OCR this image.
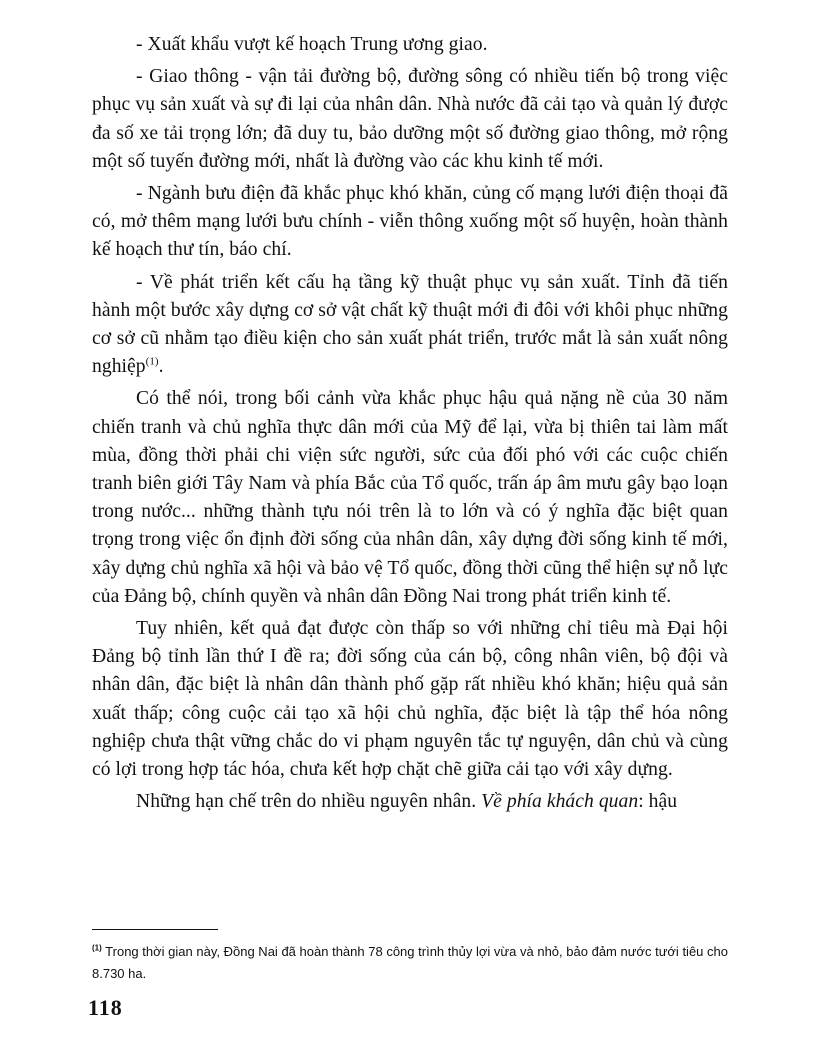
- Xuất khẩu vượt kế hoạch Trung ương giao.

- Giao thông - vận tải đường bộ, đường sông có nhiều tiến bộ trong việc phục vụ sản xuất và sự đi lại của nhân dân. Nhà nước đã cải tạo và quản lý được đa số xe tải trọng lớn; đã duy tu, bảo dưỡng một số đường giao thông, mở rộng một số tuyến đường mới, nhất là đường vào các khu kinh tế mới.

- Ngành bưu điện đã khắc phục khó khăn, củng cố mạng lưới điện thoại đã có, mở thêm mạng lưới bưu chính - viễn thông xuống một số huyện, hoàn thành kế hoạch thư tín, báo chí.

- Về phát triển kết cấu hạ tầng kỹ thuật phục vụ sản xuất. Tỉnh đã tiến hành một bước xây dựng cơ sở vật chất kỹ thuật mới đi đôi với khôi phục những cơ sở cũ nhằm tạo điều kiện cho sản xuất phát triển, trước mắt là sản xuất nông nghiệp$^{(1)}$.

Có thể nói, trong bối cảnh vừa khắc phục hậu quả nặng nề của 30 năm chiến tranh và chủ nghĩa thực dân mới của Mỹ để lại, vừa bị thiên tai làm mất mùa, đồng thời phải chi viện sức người, sức của đối phó với các cuộc chiến tranh biên giới Tây Nam và phía Bắc của Tổ quốc, trấn áp âm mưu gây bạo loạn trong nước... những thành tựu nói trên là to lớn và có ý nghĩa đặc biệt quan trọng trong việc ổn định đời sống của nhân dân, xây dựng đời sống kinh tế mới, xây dựng chủ nghĩa xã hội và bảo vệ Tổ quốc, đồng thời cũng thể hiện sự nỗ lực của Đảng bộ, chính quyền và nhân dân Đồng Nai trong phát triển kinh tế.

Tuy nhiên, kết quả đạt được còn thấp so với những chỉ tiêu mà Đại hội Đảng bộ tỉnh lần thứ I đề ra; đời sống của cán bộ, công nhân viên, bộ đội và nhân dân, đặc biệt là nhân dân thành phố gặp rất nhiều khó khăn; hiệu quả sản xuất thấp; công cuộc cải tạo xã hội chủ nghĩa, đặc biệt là tập thể hóa nông nghiệp chưa thật vững chắc do vi phạm nguyên tắc tự nguyện, dân chủ và cùng có lợi trong hợp tác hóa, chưa kết hợp chặt chẽ giữa cải tạo với xây dựng.

Những hạn chế trên do nhiều nguyên nhân. Về phía khách quan: hậu

$^{(1)}$ Trong thời gian này, Đồng Nai đã hoàn thành 78 công trình thủy lợi vừa và nhỏ, bảo đảm nước tưới tiêu cho 8.730 ha.

118
